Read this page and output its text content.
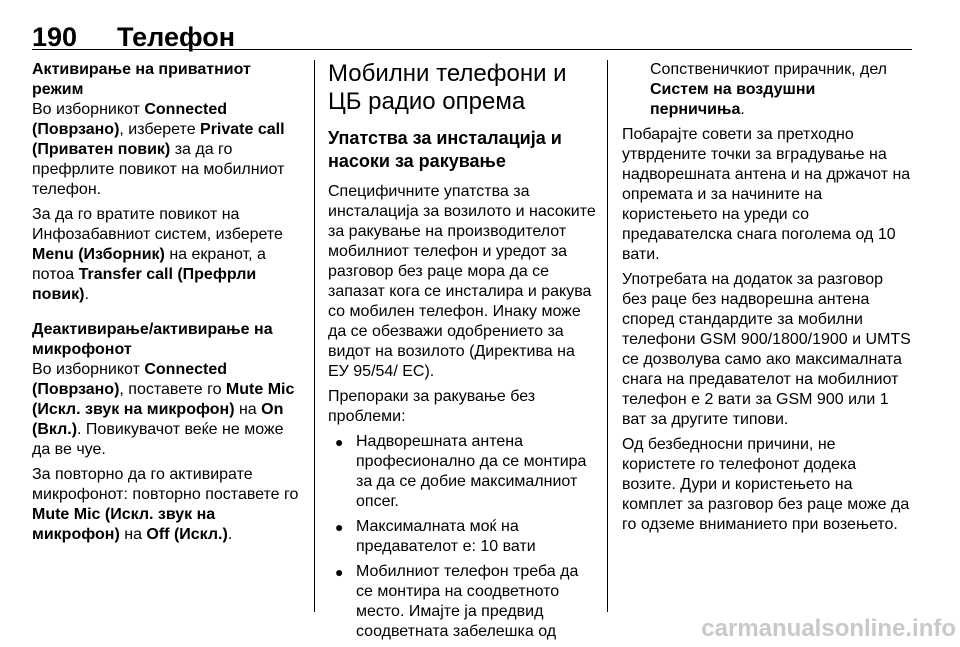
190 Телефон

Активирање на приватниот режим

Во изборникот Connected (Поврзано), изберете Private call (Приватен повик) за да го префрлите повикот на мобилниот телефон.

За да го вратите повикот на Инфозабавниот систем, изберете Menu (Изборник) на екранот, а потоа Transfer call (Префрли повик).

Деактивирање/активирање на микрофонот

Во изборникот Connected (Поврзано), поставете го Mute Mic (Искл. звук на микрофон) на On (Вкл.). Повикувачот веќе не може да ве чуе.

За повторно да го активирате микрофонот: повторно поставете го Mute Mic (Искл. звук на микрофон) на Off (Искл.).

Мобилни телефони и ЦБ радио опрема
Упатства за инсталација и насоки за ракување

Специфичните упатства за инсталација за возилото и насоките за ракување на производителот мобилниот телефон и уредот за разговор без раце мора да се запазат кога се инсталира и ракува со мобилен телефон. Инаку може да се обезважи одобрението за видот на возилото (Директива на ЕУ 95/54/ ЕС).

Препораки за ракување без проблеми:

● Надворешната антена професионално да се монтира за да се добие максималниот опсег.
● Максималната моќ на предавателот е: 10 вати
● Мобилниот телефон треба да се монтира на соодветното место. Имајте ја предвид соодветната забелешка од

Сопственичкиот прирачник, дел Систем на воздушни перничиња.

Побарајте совети за претходно утврдените точки за вградување на надворешната антена и на држачот на опремата и за начините на користењето на уреди со предавателска снага поголема од 10 вати.

Употребата на додаток за разговор без раце без надворешна антена според стандардите за мобилни телефони GSM 900/1800/1900 и UMTS се дозволува само ако максималната снага на предавателот на мобилниот телефон е 2 вати за GSM 900 или 1 ват за другите типови.

Од безбедносни причини, не користете го телефонот додека возите. Дури и користењето на комплет за разговор без раце може да го одземе вниманието при возењето.

carmanualsonline.info
